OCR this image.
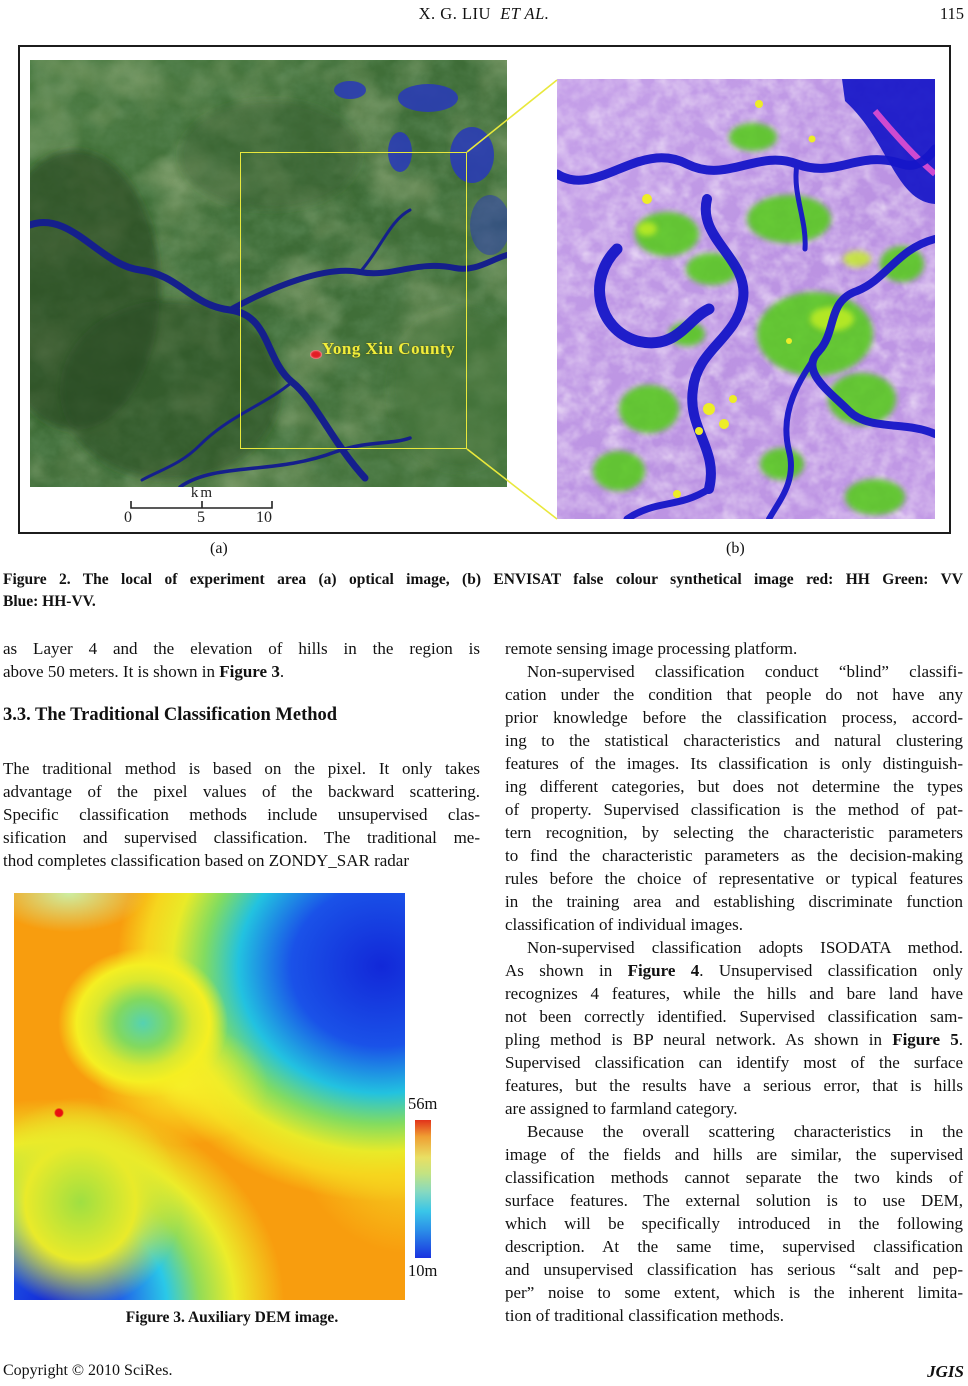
X. G. LIU ET AL.	115
Yong Xiu County
km
0	5	10
(a)	(b)
Figure 2. The local of experiment area (a) optical image, (b) ENVISAT false colour synthetical image red: HH Green: VV
Blue: HH-VV.
as Layer 4 and the elevation of hills in the region is
above 50 meters. It is shown in Figure 3.
3.3. The Traditional Classification Method
The traditional method is based on the pixel. It only takes
advantage of the pixel values of the backward scattering.
Specific classification methods include unsupervised clas-
sification and supervised classification. The traditional me-
thod completes classification based on ZONDY_SAR radar
56m
10m
Figure 3. Auxiliary DEM image.
remote sensing image processing platform.
Non-supervised classification conduct “blind” classifi-
cation under the condition that people do not have any
prior knowledge before the classification process, accord-
ing to the statistical characteristics and natural clustering
features of the images. Its classification is only distinguish-
ing different categories, but does not determine the types
of property. Supervised classification is the method of pat-
tern recognition, by selecting the characteristic parameters
to find the characteristic parameters as the decision-making
rules before the choice of representative or typical features
in the training area and establishing discriminate function
classification of individual images.
Non-supervised classification adopts ISODATA method.
As shown in Figure 4. Unsupervised classification only
recognizes 4 features, while the hills and bare land have
not been correctly identified. Supervised classification sam-
pling method is BP neural network. As shown in Figure 5.
Supervised classification can identify most of the surface
features, but the results have a serious error, that is hills
are assigned to farmland category.
Because the overall scattering characteristics in the
image of the fields and hills are similar, the supervised
classification methods cannot separate the two kinds of
surface features. The external solution is to use DEM,
which will be specifically introduced in the following
description. At the same time, supervised classification
and unsupervised classification has serious “salt and pep-
per” noise to some extent, which is the inherent limita-
tion of traditional classification methods.
Copyright © 2010 SciRes.	JGIS
